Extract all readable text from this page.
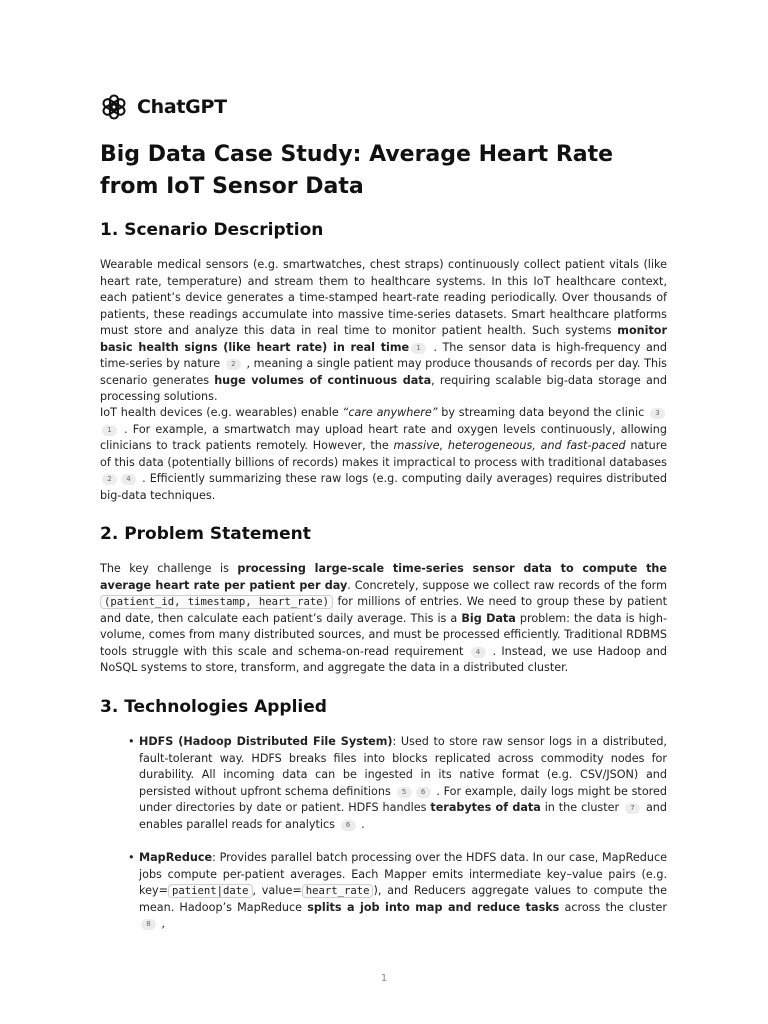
ChatGPT
Big Data Case Study: Average Heart Rate from IoT Sensor Data
1. Scenario Description

Wearable medical sensors (e.g. smartwatches, chest straps) continuously collect patient vitals (like heart rate, temperature) and stream them to healthcare systems. In this IoT healthcare context, each patient’s device generates a time-stamped heart-rate reading periodically. Over thousands of patients, these readings accumulate into massive time-series datasets. Smart healthcare platforms must store and analyze this data in real time to monitor patient health. Such systems monitor basic health signs (like heart rate) in real time 1 . The sensor data is high-frequency and time-series by nature 2 , meaning a single patient may produce thousands of records per day. This scenario generates huge volumes of continuous data, requiring scalable big-data storage and processing solutions.

IoT health devices (e.g. wearables) enable “care anywhere” by streaming data beyond the clinic 31 . For example, a smartwatch may upload heart rate and oxygen levels continuously, allowing clinicians to track patients remotely. However, the massive, heterogeneous, and fast-paced nature of this data (potentially billions of records) makes it impractical to process with traditional databases 2 4 . Efficiently summarizing these raw logs (e.g. computing daily averages) requires distributed big-data techniques.

2. Problem Statement

The key challenge is processing large-scale time-series sensor data to compute the average heart rate per patient per day. Concretely, suppose we collect raw records of the form (patient_id, timestamp, heart_rate) for millions of entries. We need to group these by patient and date, then calculate each patient’s daily average. This is a Big Data problem: the data is high-volume, comes from many distributed sources, and must be processed efficiently. Traditional RDBMS tools struggle with this scale and schema-on-read requirement 4 . Instead, we use Hadoop and NoSQL systems to store, transform, and aggregate the data in a distributed cluster.

3. Technologies Applied
• HDFS (Hadoop Distributed File System): Used to store raw sensor logs in a distributed, fault-tolerant way. HDFS breaks files into blocks replicated across commodity nodes for durability. All incoming data can be ingested in its native format (e.g. CSV/JSON) and persisted without upfront schema definitions 5 6 . For example, daily logs might be stored under directories by date or patient. HDFS handles terabytes of data in the cluster 7 and enables parallel reads for analytics 6 .
• MapReduce: Provides parallel batch processing over the HDFS data. In our case, MapReduce jobs compute per-patient averages. Each Mapper emits intermediate key–value pairs (e.g. key= patient|date , value= heart_rate ), and Reducers aggregate values to compute the mean. Hadoop’s MapReduce splits a job into map and reduce tasks across the cluster 8 ,
1
